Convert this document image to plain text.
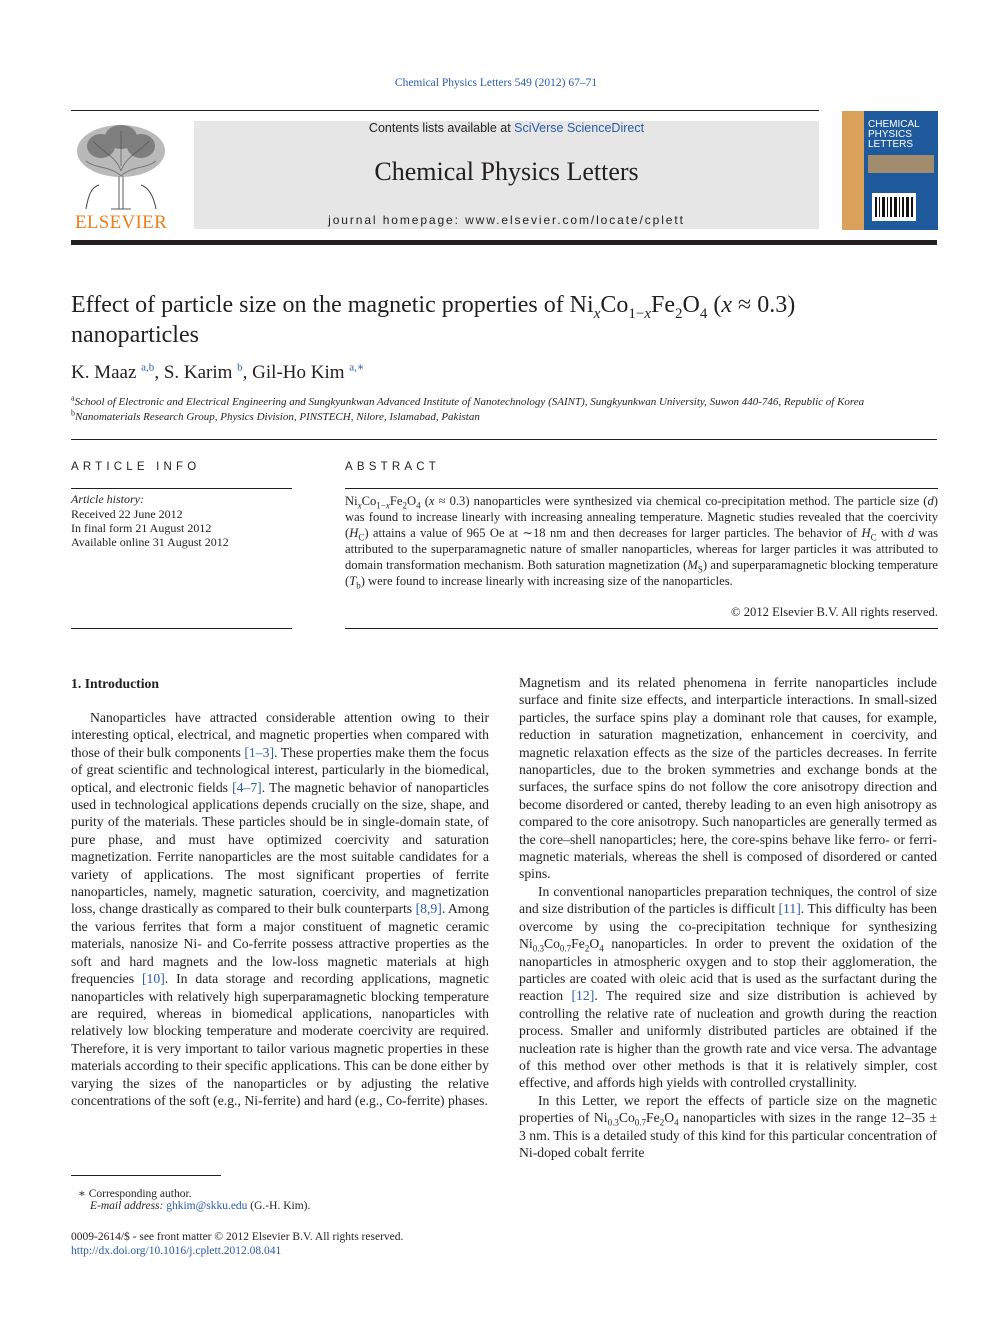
Chemical Physics Letters 549 (2012) 67–71
ELSEVIER
Contents lists available at SciVerse ScienceDirect
Chemical Physics Letters
journal homepage: www.elsevier.com/locate/cplett
CHEMICAL
PHYSICS
LETTERS
Effect of particle size on the magnetic properties of $Ni_xCo_{1-x}Fe_2O_4$ (x ≈ 0.3)
nanoparticles
K. Maaz $^{a,b}$, S. Karim $^b$, Gil-Ho Kim $^{a,∗}$
$^a$School of Electronic and Electrical Engineering and Sungkyunkwan Advanced Institute of Nanotechnology (SAINT), Sungkyunkwan University, Suwon 440-746, Republic of Korea
$^b$Nanomaterials Research Group, Physics Division, PINSTECH, Nilore, Islamabad, Pakistan
ARTICLE INFO
Article history:
Received 22 June 2012
In final form 21 August 2012
Available online 31 August 2012
ABSTRACT
$Ni_xCo_{1-x}Fe_2O_4$ (x ≈ 0.3) nanoparticles were synthesized via chemical co-precipitation method. The particle size (d) was found to increase linearly with increasing annealing temperature. Magnetic studies revealed that the coercivity $(H_C)$ attains a value of 965 Oe at ∼18 nm and then decreases for larger particles. The behavior of $H_C$ with d was attributed to the superparamagnetic nature of smaller nanoparticles, whereas for larger particles it was attributed to domain transformation mechanism. Both saturation magnetization $(M_S)$ and superparamagnetic blocking temperature $(T_b)$ were found to increase linearly with increasing size of the nanoparticles.
© 2012 Elsevier B.V. All rights reserved.
1. Introduction

Nanoparticles have attracted considerable attention owing to their interesting optical, electrical, and magnetic properties when compared with those of their bulk components [1–3]. These properties make them the focus of great scientific and technological interest, particularly in the biomedical, optical, and electronic fields [4–7]. The magnetic behavior of nanoparticles used in technological applications depends crucially on the size, shape, and purity of the materials. These particles should be in single-domain state, of pure phase, and must have optimized coercivity and saturation magnetization. Ferrite nanoparticles are the most suitable candidates for a variety of applications. The most significant properties of ferrite nanoparticles, namely, magnetic saturation, coercivity, and magnetization loss, change drastically as compared to their bulk counterparts [8,9]. Among the various ferrites that form a major constituent of magnetic ceramic materials, nanosize Ni- and Co-ferrite possess attractive properties as the soft and hard magnets and the low-loss magnetic materials at high frequencies [10]. In data storage and recording applications, magnetic nanoparticles with relatively high superparamagnetic blocking temperature are required, whereas in biomedical applications, nanoparticles with relatively low blocking temperature and moderate coercivity are required. Therefore, it is very important to tailor various magnetic properties in these materials according to their specific applications. This can be done either by varying the sizes of the nanoparticles or by adjusting the relative concentrations of the soft (e.g., Ni-ferrite) and hard (e.g., Co-ferrite) phases.

Magnetism and its related phenomena in ferrite nanoparticles include surface and finite size effects, and interparticle interactions. In small-sized particles, the surface spins play a dominant role that causes, for example, reduction in saturation magnetization, enhancement in coercivity, and magnetic relaxation effects as the size of the particles decreases. In ferrite nanoparticles, due to the broken symmetries and exchange bonds at the surfaces, the surface spins do not follow the core anisotropy direction and become disordered or canted, thereby leading to an even high anisotropy as compared to the core anisotropy. Such nanoparticles are generally termed as the core–shell nanoparticles; here, the core-spins behave like ferro- or ferri-magnetic materials, whereas the shell is composed of disordered or canted spins.

In conventional nanoparticles preparation techniques, the control of size and size distribution of the particles is difficult [11]. This difficulty has been overcome by using the co-precipitation technique for synthesizing $Ni_{0.3}Co_{0.7}Fe_2O_4$ nanoparticles. In order to prevent the oxidation of the nanoparticles in atmospheric oxygen and to stop their agglomeration, the particles are coated with oleic acid that is used as the surfactant during the reaction [12]. The required size and size distribution is achieved by controlling the relative rate of nucleation and growth during the reaction process. Smaller and uniformly distributed particles are obtained if the nucleation rate is higher than the growth rate and vice versa. The advantage of this method over other methods is that it is relatively simpler, cost effective, and affords high yields with controlled crystallinity.

In this Letter, we report the effects of particle size on the magnetic properties of $Ni_{0.3}Co_{0.7}Fe_2O_4$ nanoparticles with sizes in the range 12–35 ± 3 nm. This is a detailed study of this kind for this particular concentration of Ni-doped cobalt ferrite

∗ Corresponding author.
E-mail address: ghkim@skku.edu (G.-H. Kim).
0009-2614/$ - see front matter © 2012 Elsevier B.V. All rights reserved.
http://dx.doi.org/10.1016/j.cplett.2012.08.041
